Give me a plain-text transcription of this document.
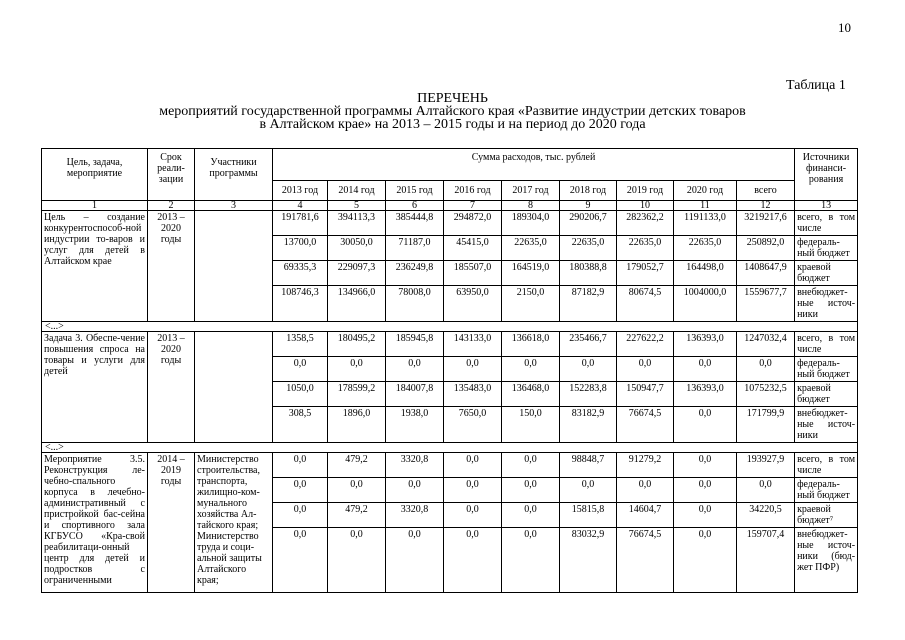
10
Таблица 1
ПЕРЕЧЕНЬ
мероприятий государственной программы Алтайского края «Развитие индустрии детских товаров
в Алтайском крае» на 2013 – 2015 годы и на период до 2020 года
Цель, задача, мероприятие	Срок реали-зации	Участники программы	Сумма расходов, тыс. рублей									Источники финанси-рования
			2013 год	2014 год	2015 год	2016 год	2017 год	2018 год	2019 год	2020 год	всего	
1	2	3	4	5	6	7	8	9	10	11	12	13
Цель – создание конкурентоспособ-ной индустрии то-варов и услуг для детей в Алтайском крае	2013 – 2020 годы		191781,6	394113,3	385444,8	294872,0	189304,0	290206,7	282362,2	1191133,0	3219217,6	всего, в том числе
			13700,0	30050,0	71187,0	45415,0	22635,0	22635,0	22635,0	22635,0	250892,0	федераль-ный бюджет
			69335,3	229097,3	236249,8	185507,0	164519,0	180388,8	179052,7	164498,0	1408647,9	краевой бюджет
			108746,3	134966,0	78008,0	63950,0	2150,0	87182,9	80674,5	1004000,0	1559677,7	внебюджет-ные источ-ники
<...>												
Задача 3. Обеспе-чение повышения спроса на товары и услуги для детей	2013 – 2020 годы		1358,5	180495,2	185945,8	143133,0	136618,0	235466,7	227622,2	136393,0	1247032,4	всего, в том числе
			0,0	0,0	0,0	0,0	0,0	0,0	0,0	0,0	0,0	федераль-ный бюджет
			1050,0	178599,2	184007,8	135483,0	136468,0	152283,8	150947,7	136393,0	1075232,5	краевой бюджет
			308,5	1896,0	1938,0	7650,0	150,0	83182,9	76674,5	0,0	171799,9	внебюджет-ные источ-ники
<...>												
Мероприятие 3.5. Реконструкция ле-чебно-спального корпуса в лечебно-административный с пристройкой бас-сейна и спортивного зала КГБУСО «Кра-свой реабилитаци-онный центр для детей и подростков с ограниченными	2014 – 2019 годы	Министерство строительства, транспорта, жилищно-ком-мунального хозяйства Ал-тайского края; Министерство труда и соци-альной защиты Алтайского края;	0,0	479,2	3320,8	0,0	0,0	98848,7	91279,2	0,0	193927,9	всего, в том числе
			0,0	0,0	0,0	0,0	0,0	0,0	0,0	0,0	0,0	федераль-ный бюджет
			0,0	479,2	3320,8	0,0	0,0	15815,8	14604,7	0,0	34220,5	краевой бюджет⁷
			0,0	0,0	0,0	0,0	0,0	83032,9	76674,5	0,0	159707,4	внебюджет-ные источ-ники (бюд-жет ПФР)
